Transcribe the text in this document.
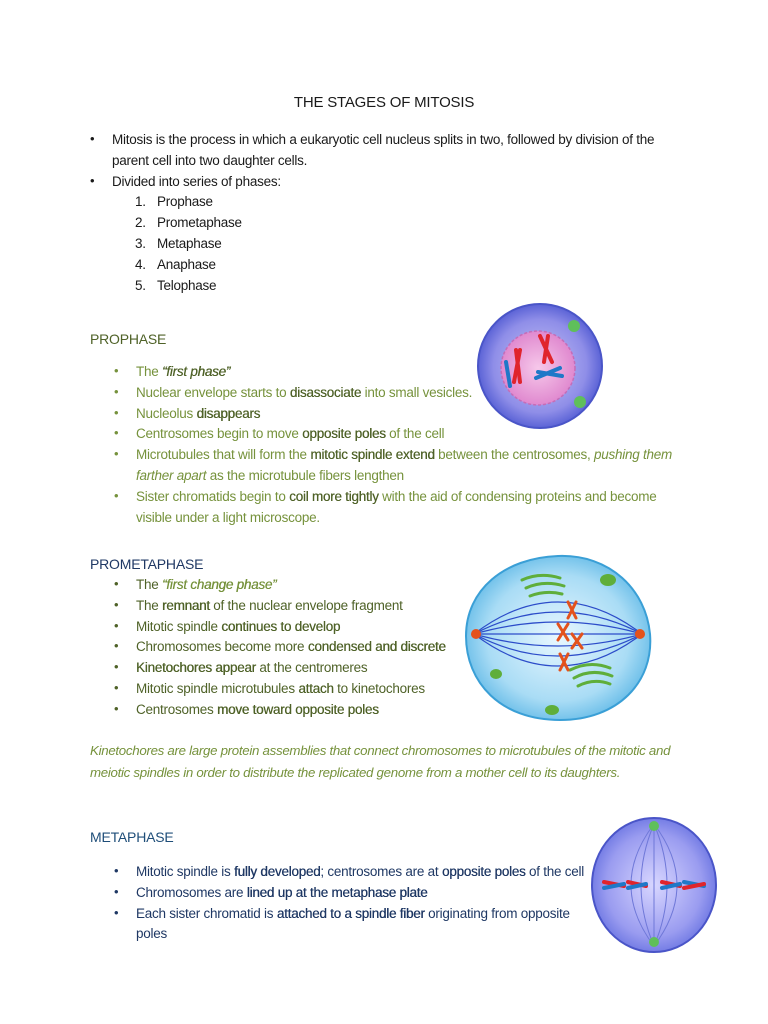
THE STAGES OF MITOSIS
• Mitosis is the process in which a eukaryotic cell nucleus splits in two, followed by division of the parent cell into two daughter cells.
• Divided into series of phases:
1. Prophase
2. Prometaphase
3. Metaphase
4. Anaphase
5. Telophase
PROPHASE
• The “first phase”
• Nuclear envelope starts to disassociate into small vesicles.
• Nucleolus disappears
• Centrosomes begin to move opposite poles of the cell
• Microtubules that will form the mitotic spindle extend between the centrosomes, pushing them farther apart as the microtubule fibers lengthen
• Sister chromatids begin to coil more tightly with the aid of condensing proteins and become visible under a light microscope.
PROMETAPHASE
• The “first change phase”
• The remnant of the nuclear envelope fragment
• Mitotic spindle continues to develop
• Chromosomes become more condensed and discrete
• Kinetochores appear at the centromeres
• Mitotic spindle microtubules attach to kinetochores
• Centrosomes move toward opposite poles
Kinetochores are large protein assemblies that connect chromosomes to microtubules of the mitotic and meiotic spindles in order to distribute the replicated genome from a mother cell to its daughters.
METAPHASE
• Mitotic spindle is fully developed; centrosomes are at opposite poles of the cell
• Chromosomes are lined up at the metaphase plate
• Each sister chromatid is attached to a spindle fiber originating from opposite poles
